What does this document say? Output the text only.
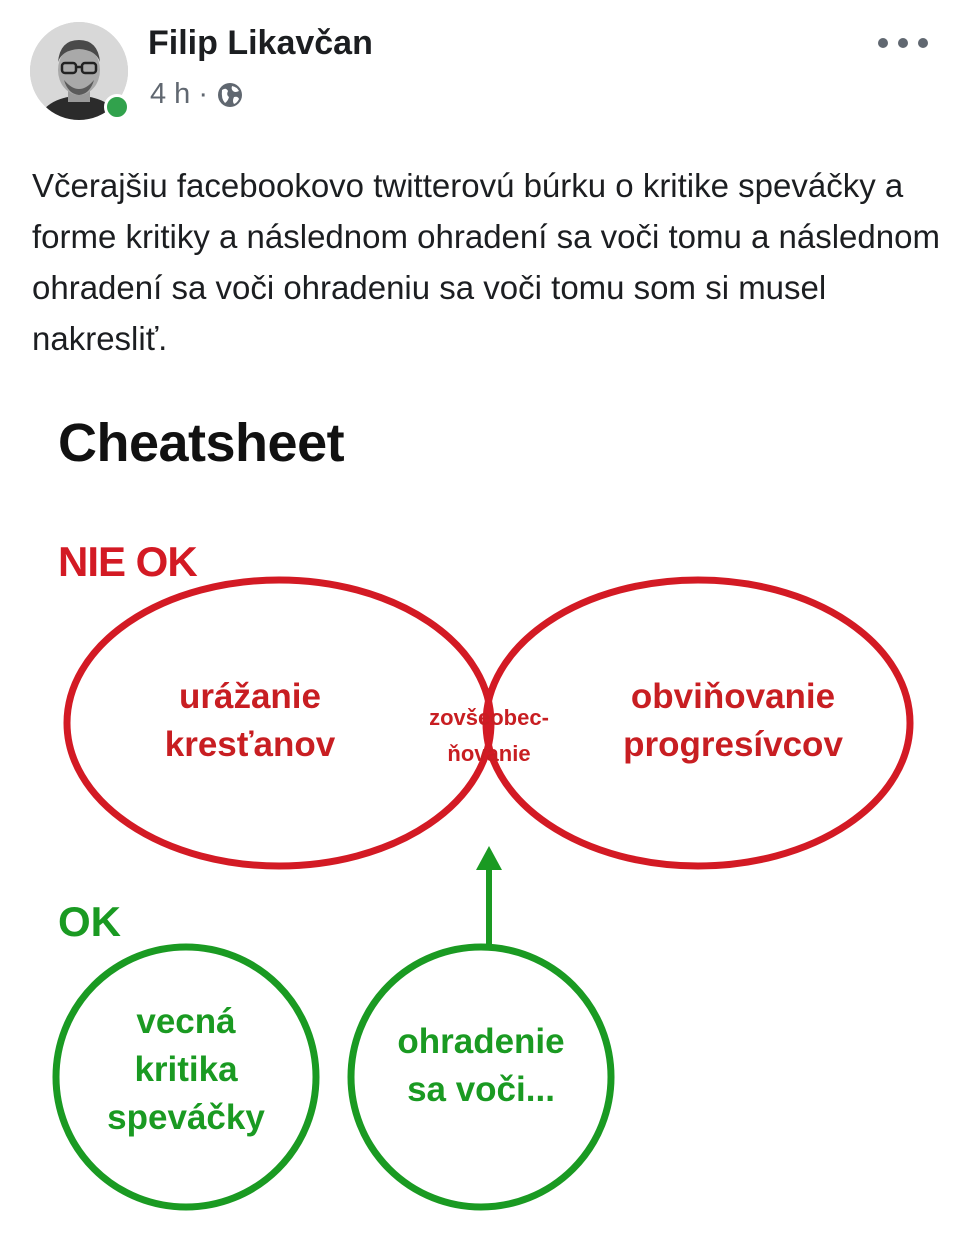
Filip Likavčan
4 h ·
Včerajšiu facebookovo twitterovú búrku o kritike speváčky a forme kritiky a následnom ohradení sa voči tomu a následnom ohradení sa voči ohradeniu sa voči tomu som si musel nakresliť.
Cheatsheet
NIE OK
OK
urážanie
kresťanov
zovšeobec-
ňovanie
obviňovanie
progresívcov
vecná
kritika
speváčky
ohradenie
sa voči...
